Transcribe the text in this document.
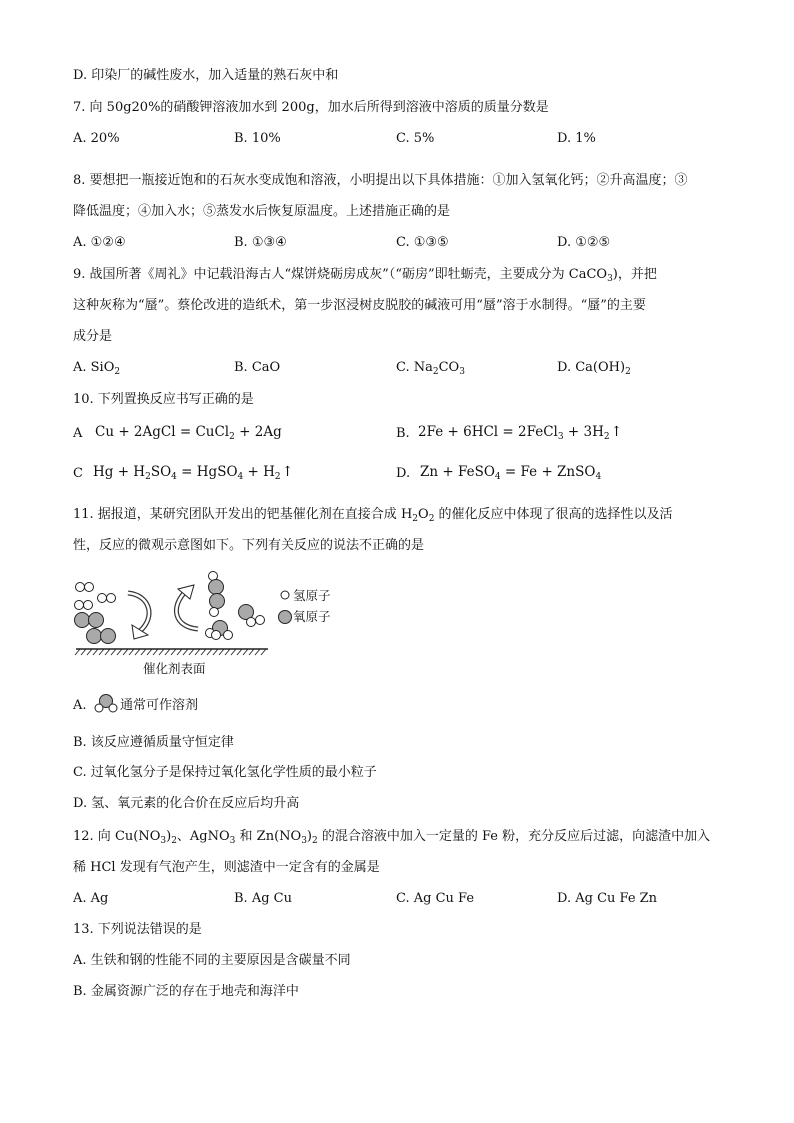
D. 印染厂的碱性废水，加入适量的熟石灰中和
7. 向 50g20%的硝酸钾溶液加水到 200g，加水后所得到溶液中溶质的质量分数是
A. 20%	B. 10%	C. 5%	D. 1%
8. 要想把一瓶接近饱和的石灰水变成饱和溶液，小明提出以下具体措施：①加入氢氧化钙；②升高温度；③
降低温度；④加入水；⑤蒸发水后恢复原温度。上述措施正确的是
A. ①②④	B. ①③④	C. ①③⑤	D. ①②⑤
9. 战国所著《周礼》中记载沿海古人“煤饼烧砺房成灰”（“砺房”即牡蛎壳，主要成分为 CaCO$_3$)，并把
这种灰称为“蜃”。蔡伦改进的造纸术，第一步沤浸树皮脱胶的碱液可用“蜃”溶于水制得。“蜃”的主要
成分是
A. SiO$_2$	B. CaO	C. $Na_2CO_3$	D. $Ca(OH)_2$
10. 下列置换反应书写正确的是
A Cu + 2AgCl = CuCl$_2$ + 2Ag	B. 2Fe + 6HCl = 2FeCl$_3$ + $3H_2↑$
C $Hg + H_2SO_4$ = HgSO$_4$ + $H_2↑$	D. Zn + FeSO$_4$ = Fe + ZnSO$_4$
11. 据报道，某研究团队开发出的钯基催化剂在直接合成 $H_2O_2$ 的催化反应中体现了很高的选择性以及活
性，反应的微观示意图如下。下列有关反应的说法不正确的是
氢原子
氧原子
催化剂表面
A.	通常可作溶剂
B. 该反应遵循质量守恒定律
C. 过氧化氢分子是保持过氧化氢化学性质的最小粒子
D. 氢、氧元素的化合价在反应后均升高
12. 向 $Cu(NO_3)_2$、AgNO$_3$ 和 $Zn(NO_3)_2$ 的混合溶液中加入一定量的 Fe 粉，充分反应后过滤，向滤渣中加入
稀 HCl 发现有气泡产生，则滤渣中一定含有的金属是
A. Ag	B. Ag Cu	C. Ag Cu Fe	D. Ag Cu Fe Zn
13. 下列说法错误的是
A. 生铁和钢的性能不同的主要原因是含碳量不同
B. 金属资源广泛的存在于地壳和海洋中
